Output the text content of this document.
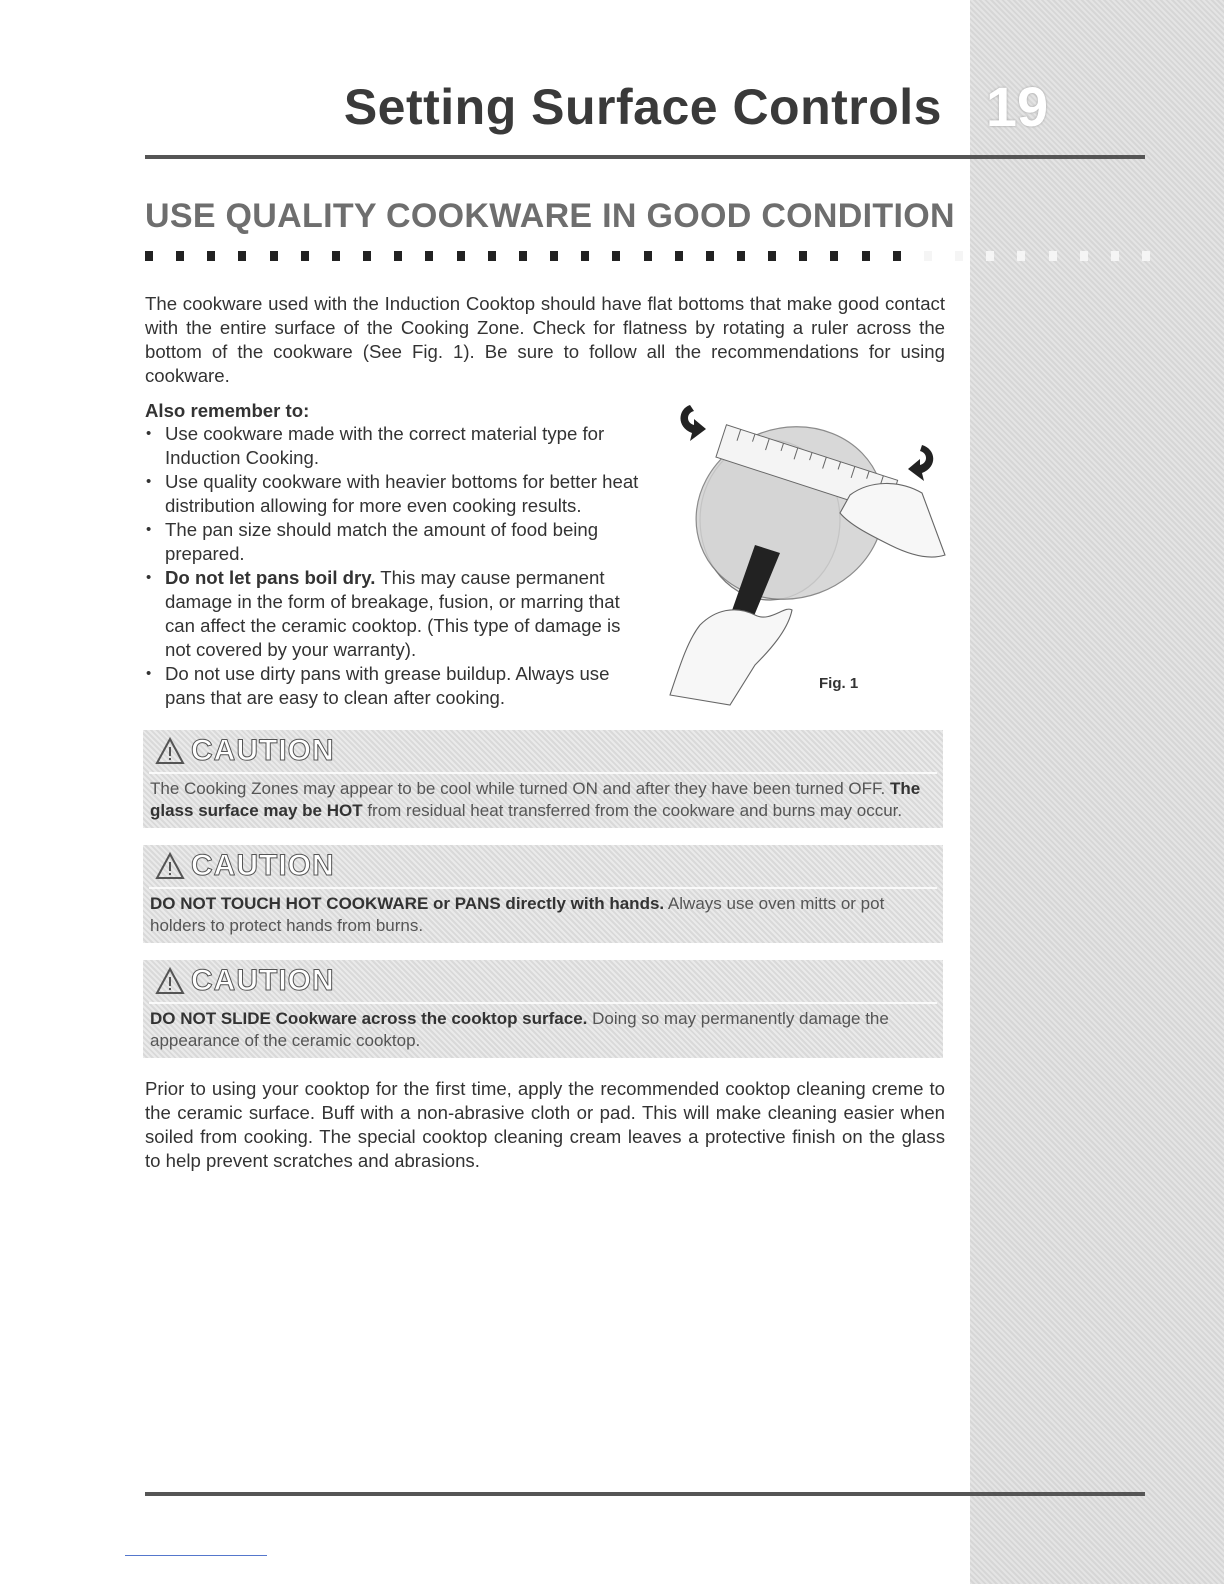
Setting Surface Controls 19
USE QUALITY COOKWARE IN GOOD CONDITION

The cookware used with the Induction Cooktop should have flat bottoms that make good contact with the entire surface of the Cooking Zone. Check for flatness by rotating a ruler across the bottom of the cookware (See Fig. 1). Be sure to follow all the recommendations for using cookware.

Also remember to:

• Use cookware made with the correct material type for Induction Cooking.
• Use quality cookware with heavier bottoms for better heat distribution allowing for more even cooking results.
• The pan size should match the amount of food being prepared.
• Do not let pans boil dry. This may cause permanent damage in the form of breakage, fusion, or marring that can affect the ceramic cooktop. (This type of damage is not covered by your warranty).
• Do not use dirty pans with grease buildup. Always use pans that are easy to clean after cooking.
Fig. 1
CAUTION
The Cooking Zones may appear to be cool while turned ON and after they have been turned OFF. The glass surface may be HOT from residual heat transferred from the cookware and burns may occur.
CAUTION
DO NOT TOUCH HOT COOKWARE or PANS directly with hands. Always use oven mitts or pot holders to protect hands from burns.
CAUTION
DO NOT SLIDE Cookware across the cooktop surface. Doing so may permanently damage the appearance of the ceramic cooktop.

Prior to using your cooktop for the first time, apply the recommended cooktop cleaning creme to the ceramic surface. Buff with a non-abrasive cloth or pad. This will make cleaning easier when soiled from cooking. The special cooktop cleaning cream leaves a protective finish on the glass to help prevent scratches and abrasions.
